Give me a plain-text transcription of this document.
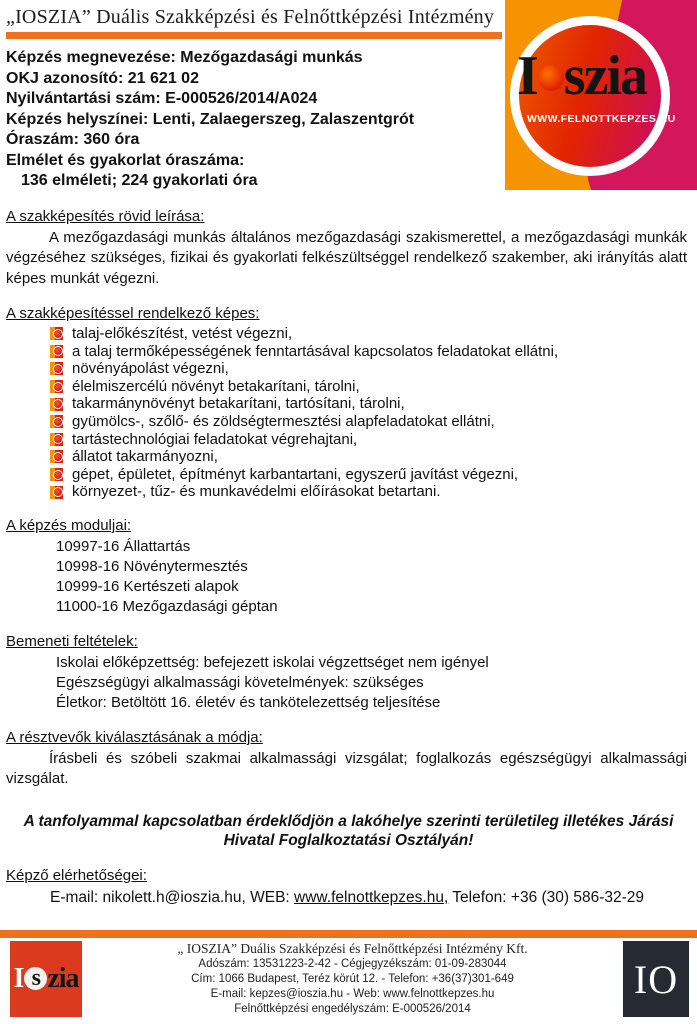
„IOSZIA” Duális Szakképzési és Felnőttképzési Intézmény
I szia
WWW.FELNOTTKEPZES.HU
Képzés megnevezése: Mezőgazdasági munkás
OKJ azonosító: 21 621 02
Nyilvántartási szám: E-000526/2014/A024
Képzés helyszínei: Lenti, Zalaegerszeg, Zalaszentgrót
Óraszám: 360 óra
Elmélet és gyakorlat óraszáma:
136 elméleti; 224 gyakorlati óra
A szakképesítés rövid leírása:
A mezőgazdasági munkás általános mezőgazdasági szakismerettel, a mezőgazdasági munkák végzéséhez szükséges, fizikai és gyakorlati felkészültséggel rendelkező szakember, aki irányítás alatt képes munkát végezni.
A szakképesítéssel rendelkező képes:
talaj-előkészítést, vetést végezni,
a talaj termőképességének fenntartásával kapcsolatos feladatokat ellátni,
növényápolást végezni,
élelmiszercélú növényt betakarítani, tárolni,
takarmánynövényt betakarítani, tartósítani, tárolni,
gyümölcs-, szőlő- és zöldségtermesztési alapfeladatokat ellátni,
tartástechnológiai feladatokat végrehajtani,
állatot takarmányozni,
gépet, épületet, építményt karbantartani, egyszerű javítást végezni,
környezet-, tűz- és munkavédelmi előírásokat betartani.
A képzés moduljai:
10997-16 Állattartás
10998-16 Növénytermesztés
10999-16 Kertészeti alapok
11000-16 Mezőgazdasági géptan
Bemeneti feltételek:
Iskolai előképzettség: befejezett iskolai végzettséget nem igényel
Egészségügyi alkalmassági követelmények: szükséges
Életkor: Betöltött 16. életév és tankötelezettség teljesítése
A résztvevők kiválasztásának a módja:
Írásbeli és szóbeli szakmai alkalmassági vizsgálat; foglalkozás egészségügyi alkalmassági vizsgálat.
A tanfolyammal kapcsolatban érdeklődjön a lakóhelye szerinti területileg illetékes Járási Hivatal Foglalkoztatási Osztályán!
Képző elérhetőségei:
E-mail: nikolett.h@ioszia.hu, WEB: www.felnottkepzes.hu, Telefon: +36 (30) 586-32-29
I s zia
„ IOSZIA” Duális Szakképzési és Felnőttképzési Intézmény Kft.
Adószám: 13531223-2-42 - Cégjegyzékszám: 01-09-283044
Cím: 1066 Budapest, Teréz körút 12. - Telefon: +36(37)301-649
E-mail: kepzes@ioszia.hu - Web: www.felnottkepzes.hu
Felnőttképzési engedélyszám: E-000526/2014
IO
